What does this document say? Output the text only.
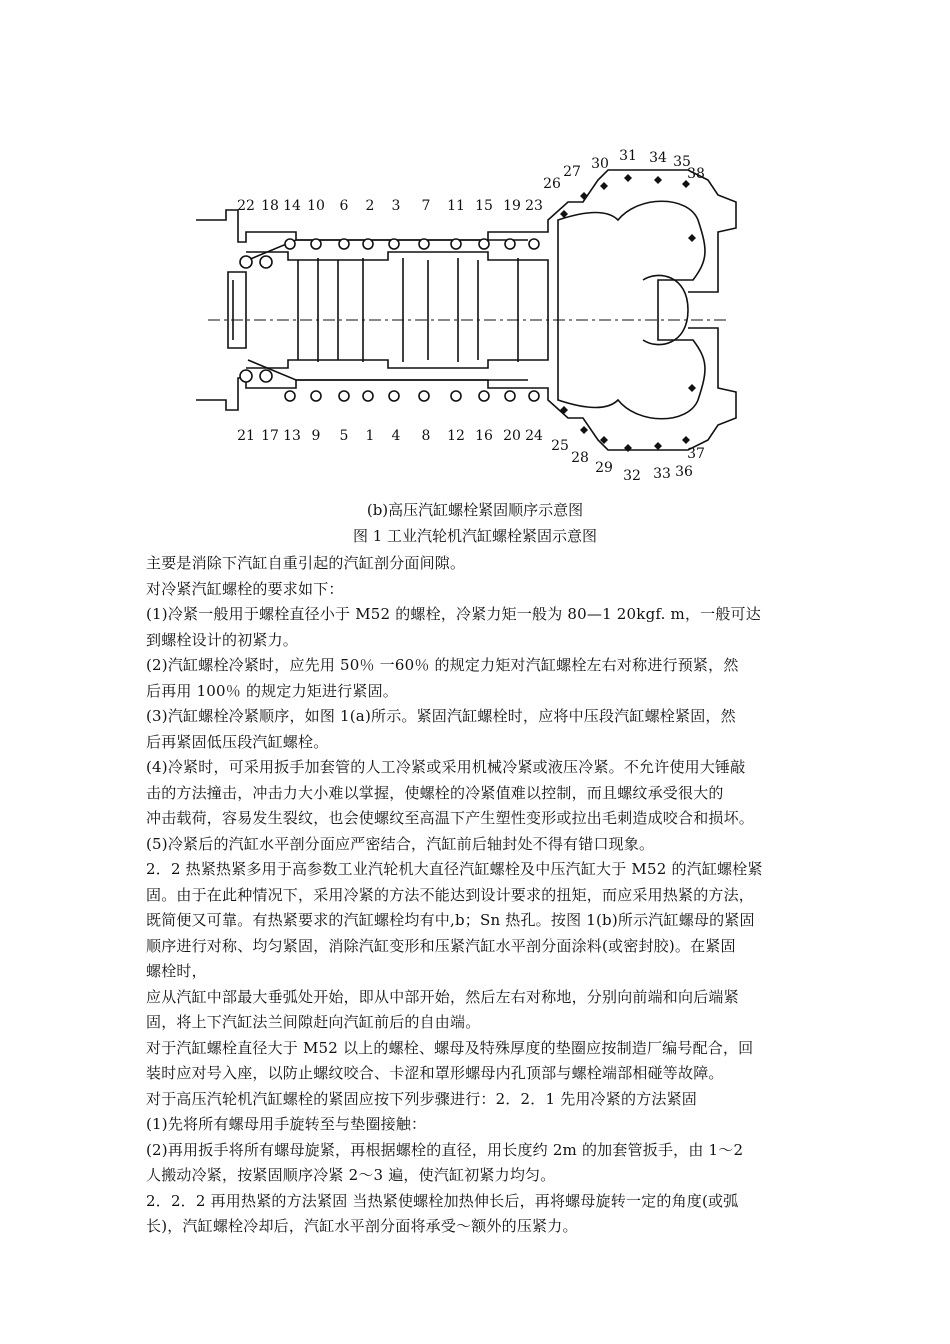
22 18 14 10 6 2 3 7 11 15 19 23
21 17 13 9 5 1 4 8 12 16 20 24
26
27 30 31 34 35
38
25
28
29 32 33 36
37
(b)高压汽缸螺栓紧固顺序示意图
图 1 工业汽轮机汽缸螺栓紧固示意图
主要是消除下汽缸自重引起的汽缸剖分面间隙。
对冷紧汽缸螺栓的要求如下：
(1)冷紧一般用于螺栓直径小于 M52 的螺栓，冷紧力矩一般为 80—1 20kgf. m，一般可达
到螺栓设计的初紧力。
(2)汽缸螺栓冷紧时，应先用 50％ 一60％ 的规定力矩对汽缸螺栓左右对称进行预紧，然
后再用 100％ 的规定力矩进行紧固。
(3)汽缸螺栓冷紧顺序，如图 1(a)所示。紧固汽缸螺栓时，应将中压段汽缸螺栓紧固，然
后再紧固低压段汽缸螺栓。
(4)冷紧时，可采用扳手加套管的人工冷紧或采用机械冷紧或液压冷紧。不允许使用大锤敲
击的方法撞击，冲击力大小难以掌握，使螺栓的冷紧值难以控制，而且螺纹承受很大的
冲击载荷，容易发生裂纹，也会使螺纹至高温下产生塑性变形或拉出毛刺造成咬合和损坏。
(5)冷紧后的汽缸水平剖分面应严密结合，汽缸前后轴封处不得有错口现象。
2．2 热紧热紧多用于高参数工业汽轮机大直径汽缸螺栓及中压汽缸大于 M52 的汽缸螺栓紧
固。由于在此种情况下，采用冷紧的方法不能达到设计要求的扭矩，而应采用热紧的方法，
既简便又可靠。有热紧要求的汽缸螺栓均有中,b；Sn 热孔。按图 1(b)所示汽缸螺母的紧固
顺序进行对称、均匀紧固，消除汽缸变形和压紧汽缸水平剖分面涂料(或密封胶)。在紧固
螺栓时，
应从汽缸中部最大垂弧处开始，即从中部开始，然后左右对称地，分别向前端和向后端紧
固，将上下汽缸法兰间隙赶向汽缸前后的自由端。
对于汽缸螺栓直径大于 M52 以上的螺栓、螺母及特殊厚度的垫圈应按制造厂编号配合，回
装时应对号入座，以防止螺纹咬合、卡涩和罩形螺母内孔顶部与螺栓端部相碰等故障。
对于高压汽轮机汽缸螺栓的紧固应按下列步骤进行：2．2．1 先用冷紧的方法紧固
(1)先将所有螺母用手旋转至与垫圈接触：
(2)再用扳手将所有螺母旋紧，再根据螺栓的直径，用长度约 2m 的加套管扳手，由 1～2
人搬动冷紧，按紧固顺序冷紧 2～3 遍，使汽缸初紧力均匀。
2．2．2 再用热紧的方法紧固 当热紧使螺栓加热伸长后，再将螺母旋转一定的角度(或弧
长)，汽缸螺栓冷却后，汽缸水平剖分面将承受～额外的压紧力。
